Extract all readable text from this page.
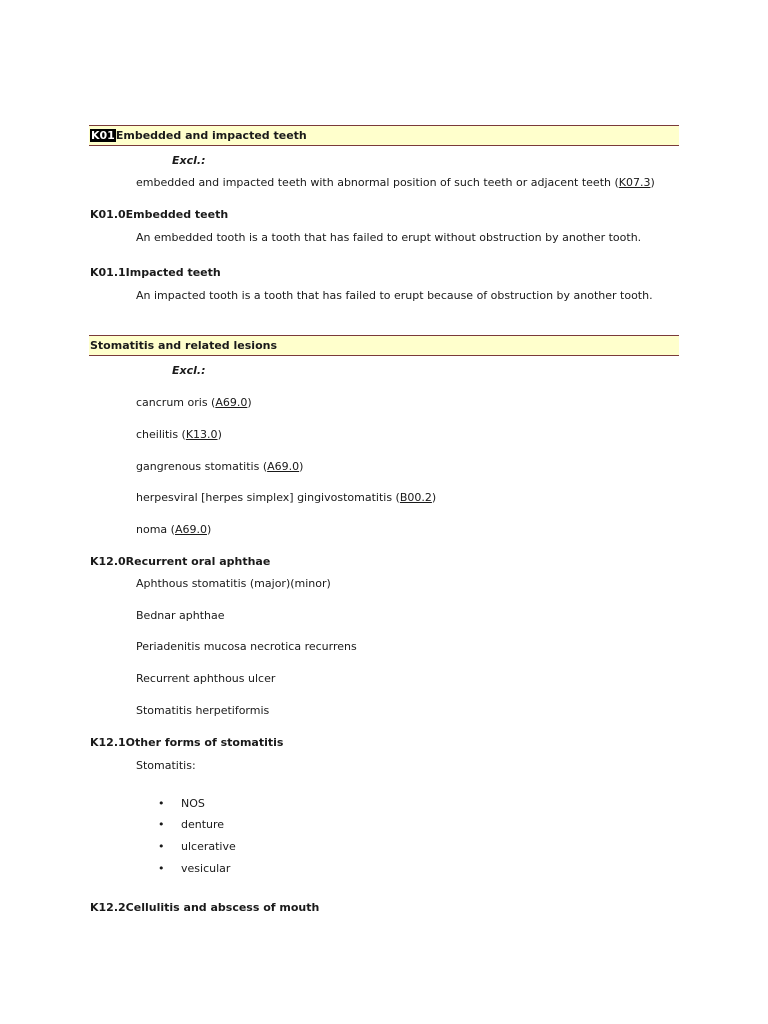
K01Embedded and impacted teeth
Excl.:
embedded and impacted teeth with abnormal position of such teeth or adjacent teeth (K07.3)
K01.0Embedded teeth
An embedded tooth is a tooth that has failed to erupt without obstruction by another tooth.
K01.1Impacted teeth
An impacted tooth is a tooth that has failed to erupt because of obstruction by another tooth.
Stomatitis and related lesions
Excl.:
cancrum oris (A69.0)
cheilitis (K13.0)
gangrenous stomatitis (A69.0)
herpesviral [herpes simplex] gingivostomatitis (B00.2)
noma (A69.0)
K12.0Recurrent oral aphthae
Aphthous stomatitis (major)(minor)
Bednar aphthae
Periadenitis mucosa necrotica recurrens
Recurrent aphthous ulcer
Stomatitis herpetiformis
K12.1Other forms of stomatitis
Stomatitis:
• NOS
• denture
• ulcerative
• vesicular
K12.2Cellulitis and abscess of mouth
